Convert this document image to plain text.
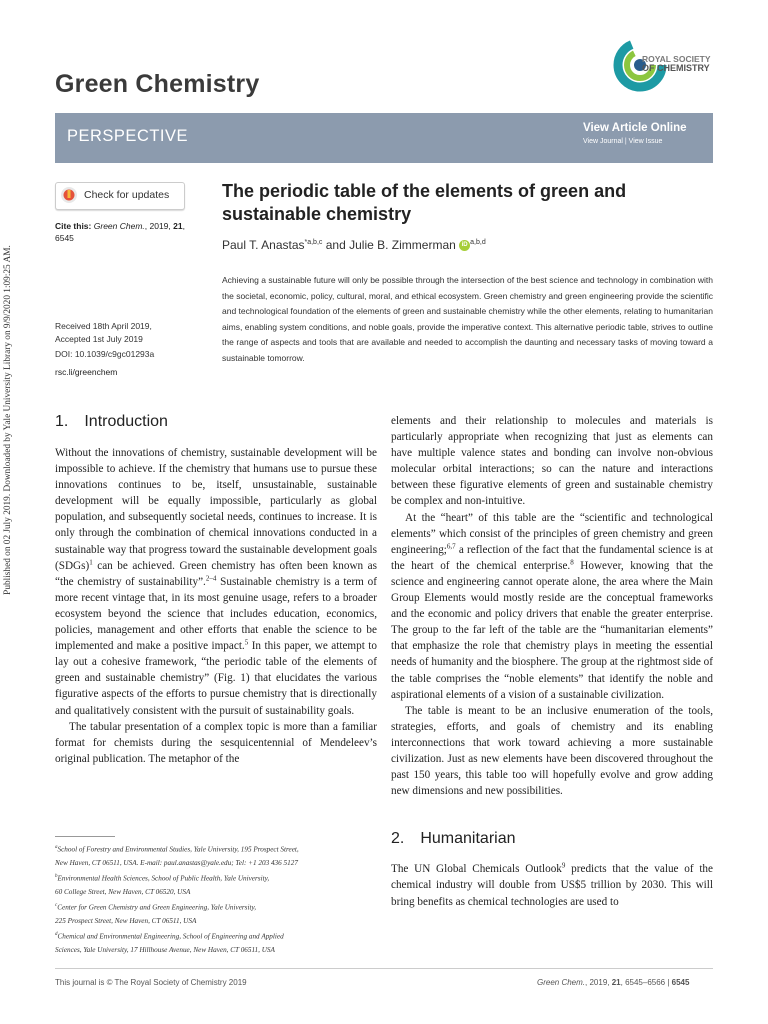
Published on 02 July 2019. Downloaded by Yale University Library on 9/9/2020 1:09:25 AM.
Green Chemistry
ROYAL SOCIETY
OF CHEMISTRY
PERSPECTIVE	View Article Online
View Journal | View Issue
Check for updates
Cite this: Green Chem., 2019, 21,
6545
The periodic table of the elements of green and sustainable chemistry
Paul T. Anastas$^{*a,b,c}$ and Julie B. Zimmerman iD $^{a,b,d}$
Achieving a sustainable future will only be possible through the intersection of the best science and technology in combination with the societal, economic, policy, cultural, moral, and ethical ecosystem. Green chemistry and green engineering provide the scientific and technological foundation of the elements of green and sustainable chemistry while the other elements, relating to humanitarian aims, enabling system conditions, and noble goals, provide the imperative context. This alternative periodic table, strives to outline the range of aspects and tools that are available and needed to accomplish the daunting and necessary tasks of moving toward a sustainable tomorrow.
Received 18th April 2019,
Accepted 1st July 2019
DOI: 10.1039/c9gc01293a
rsc.li/greenchem
1. Introduction

Without the innovations of chemistry, sustainable development will be impossible to achieve. If the chemistry that humans use to pursue these innovations continues to be, itself, unsustainable, sustainable development will be equally impossible, particularly as global population, and subsequently societal needs, continues to increase. It is only through the combination of chemical innovations conducted in a sustainable way that progress toward the sustainable development goals (SDGs)$^1$ can be achieved. Green chemistry has often been known as “the chemistry of sustainability”.$^{2-4}$ Sustainable chemistry is a term of more recent vintage that, in its most genuine usage, refers to a broader ecosystem beyond the science that includes education, economics, policies, management and other efforts that enable the science to be implemented and make a positive impact.$^5$ In this paper, we attempt to lay out a cohesive framework, “the periodic table of the elements of green and sustainable chemistry” (Fig. 1) that elucidates the various figurative aspects of the efforts to pursue chemistry that is directionally and qualitatively consistent with the pursuit of sustainability goals.

The tabular presentation of a complex topic is more than a familiar format for chemists during the sesquicentennial of Mendeleev’s original publication. The metaphor of the

elements and their relationship to molecules and materials is particularly appropriate when recognizing that just as elements can have multiple valence states and bonding can involve non-obvious molecular orbital interactions; so can the nature and interactions between these figurative elements of green and sustainable chemistry be complex and non-intuitive.

At the “heart” of this table are the “scientific and technological elements” which consist of the principles of green chemistry and green engineering;$^{6,7}$ a reflection of the fact that the fundamental science is at the heart of the chemical enterprise.$^8$ However, knowing that the science and engineering cannot operate alone, the area where the Main Group Elements would mostly reside are the conceptual frameworks and the economic and policy drivers that enable the greater enterprise. The group to the far left of the table are the “humanitarian elements” that emphasize the role that chemistry plays in meeting the essential needs of humanity and the biosphere. The group at the rightmost side of the table comprises the “noble elements” that identify the noble and aspirational elements of a vision of a sustainable civilization.

The table is meant to be an inclusive enumeration of the tools, strategies, efforts, and goals of chemistry and its enabling interconnections that work toward achieving a more sustainable civilization. Just as new elements have been discovered throughout the past 150 years, this table too will hopefully evolve and grow adding new dimensions and new possibilities.

2. Humanitarian

The UN Global Chemicals Outlook$^9$ predicts that the value of the chemical industry will double from US$5 trillion by 2030. This will bring benefits as chemical technologies are used to

$^a$School of Forestry and Environmental Studies, Yale University, 195 Prospect Street,
New Haven, CT 06511, USA. E-mail: paul.anastas@yale.edu; Tel: +1 203 436 5127
$^b$Environmental Health Sciences, School of Public Health, Yale University,
60 College Street, New Haven, CT 06520, USA
$^c$Center for Green Chemistry and Green Engineering, Yale University,
225 Prospect Street, New Haven, CT 06511, USA
$^d$Chemical and Environmental Engineering, School of Engineering and Applied
Sciences, Yale University, 17 Hillhouse Avenue, New Haven, CT 06511, USA
This journal is © The Royal Society of Chemistry 2019	Green Chem., 2019, 21, 6545–6566 | 6545
